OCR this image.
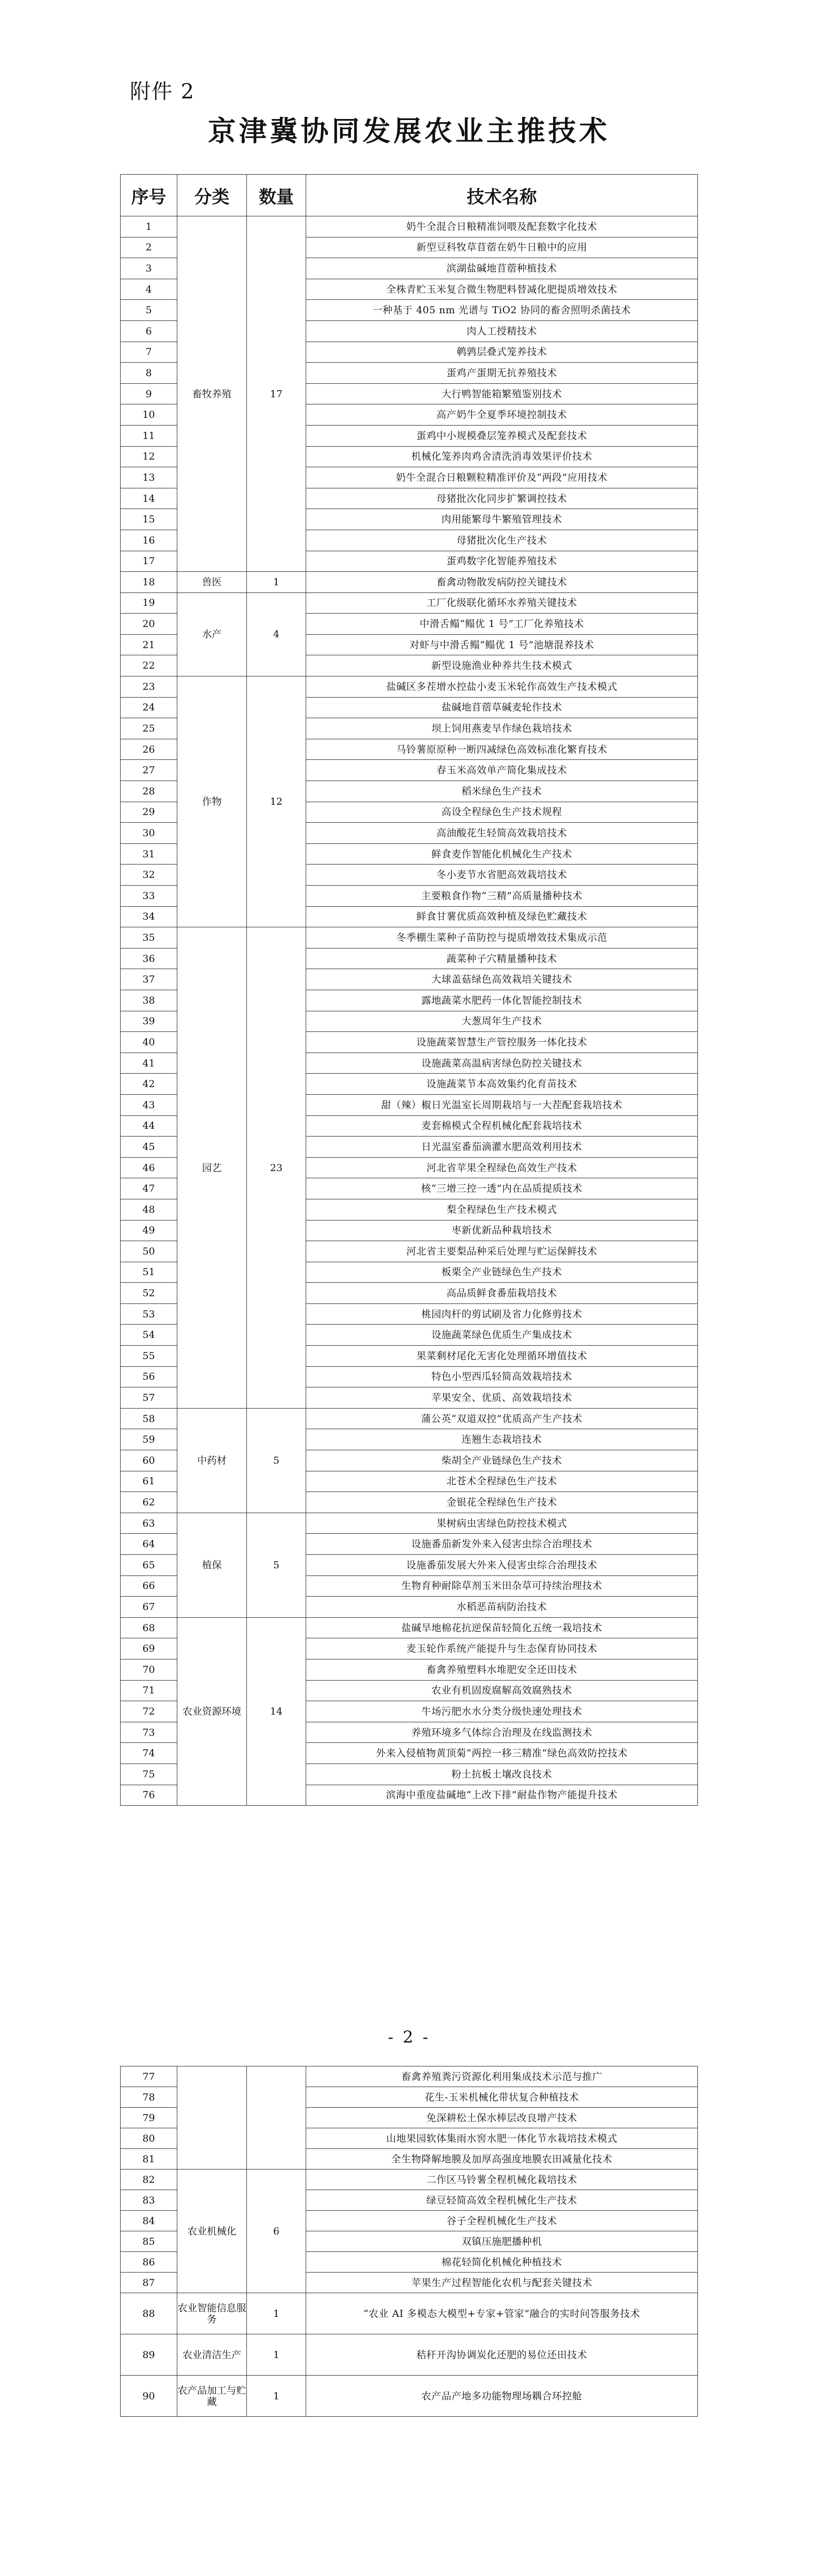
附件 2
京津冀协同发展农业主推技术
序号	分类	数量	技术名称
1	畜牧养殖	17	奶牛全混合日粮精准饲喂及配套数字化技术
2			新型豆科牧草苜蓿在奶牛日粮中的应用
3			滨湖盐碱地苜蓿种植技术
4			全株青贮玉米复合微生物肥料替减化肥提质增效技术
5			一种基于 405 nm 光谱与 TiO2 协同的畜舍照明杀菌技术
6			肉人工授精技术
7			鹌鹑层叠式笼养技术
8			蛋鸡产蛋期无抗养殖技术
9			大行鸭智能箱繁殖鉴别技术
10			高产奶牛全夏季环境控制技术
11			蛋鸡中小规模叠层笼养模式及配套技术
12			机械化笼养肉鸡舍清洗消毒效果评价技术
13			奶牛全混合日粮颗粒精准评价及“两段”应用技术
14			母猪批次化同步扩繁调控技术
15			肉用能繁母牛繁殖管理技术
16			母猪批次化生产技术
17			蛋鸡数字化智能养殖技术
18	兽医	1	畜禽动物散发病防控关键技术
19	水产	4	工厂化级联化循环水养殖关键技术
20			中滑舌鳎“鳎优 1 号”工厂化养殖技术
21			对虾与中滑舌鳎“鳎优 1 号”池塘混养技术
22			新型设施渔业种养共生技术模式
23	作物	12	盐碱区多茬增水控盐小麦玉米轮作高效生产技术模式
24			盐碱地苜蓿草碱麦轮作技术
25			坝上饲用燕麦旱作绿色栽培技术
26			马铃薯原原种一断四减绿色高效标准化繁育技术
27			春玉米高效单产简化集成技术
28			稻米绿色生产技术
29			高设全程绿色生产技术规程
30			高油酸花生轻简高效栽培技术
31			鲜食麦作智能化机械化生产技术
32			冬小麦节水省肥高效栽培技术
33			主要粮食作物“三精”高质量播种技术
34			鲜食甘薯优质高效种植及绿色贮藏技术
35	园艺	23	冬季棚生菜种子苗防控与提质增效技术集成示范
36			蔬菜种子穴精量播种技术
37			大球盖菇绿色高效栽培关键技术
38			露地蔬菜水肥药一体化智能控制技术
39			大葱周年生产技术
40			设施蔬菜智慧生产管控服务一体化技术
41			设施蔬菜高温病害绿色防控关键技术
42			设施蔬菜节本高效集约化育苗技术
43			甜（辣）椒日光温室长周期栽培与一大茬配套栽培技术
44			麦套棉模式全程机械化配套栽培技术
45			日光温室番茄滴灌水肥高效利用技术
46			河北省苹果全程绿色高效生产技术
47			核“三增三控一透”内在品质提质技术
48			梨全程绿色生产技术模式
49			枣新优新品种栽培技术
50			河北省主要梨品种采后处理与贮运保鲜技术
51			板栗全产业链绿色生产技术
52			高品质鲜食番茄栽培技术
53			桃园肉杆的剪试刷及省力化修剪技术
54			设施蔬菜绿色优质生产集成技术
55			果菜剩材尾化无害化处理循环增值技术
56			特色小型西瓜轻简高效栽培技术
57			苹果安全、优质、高效栽培技术
58	中药材	5	蒲公英“双道双控”优质高产生产技术
59			连翘生态栽培技术
60			柴胡全产业链绿色生产技术
61			北苍术全程绿色生产技术
62			金银花全程绿色生产技术
63	植保	5	果树病虫害绿色防控技术模式
64			设施番茄新发外来入侵害虫综合治理技术
65			设施番茄发展大外来入侵害虫综合治理技术
66			生物育种耐除草剂玉米田杂草可持续治理技术
67			水稻恶苗病防治技术
68	农业资源环境	14	盐碱旱地棉花抗逆保苗轻简化五统一栽培技术
69			麦玉轮作系统产能提升与生态保育协同技术
70			畜禽养殖塑料水堆肥安全还田技术
71			农业有机固废腐解高效腐熟技术
72			牛场污肥水水分类分级快速处理技术
73			养殖环境多气体综合治理及在线监测技术
74			外来入侵植物黄顶菊“两控一移三精准”绿色高效防控技术
75			粉土抗板土壤改良技术
76			滨海中重度盐碱地“上改下排”耐盐作物产能提升技术
- 2 -
77			畜禽养殖粪污资源化利用集成技术示范与推广
78			花生-玉米机械化带状复合种植技术
79			免深耕松土保水棒层改良增产技术
80			山地果园软体集雨水窖水肥一体化节水栽培技术模式
81			全生物降解地膜及加厚高强度地膜农田减量化技术
82	农业机械化	6	二作区马铃薯全程机械化栽培技术
83			绿豆轻简高效全程机械化生产技术
84			谷子全程机械化生产技术
85			双镇压施肥播种机
86			棉花轻简化机械化种植技术
87			苹果生产过程智能化农机与配套关键技术
88	农业智能信息服务	1	“农业 AI 多模态大模型+专家+管家”融合的实时问答服务技术
89	农业清洁生产	1	秸秆开沟协调炭化还肥的易位还田技术
90	农产品加工与贮藏	1	农产品产地多功能物理场耦合环控舱
